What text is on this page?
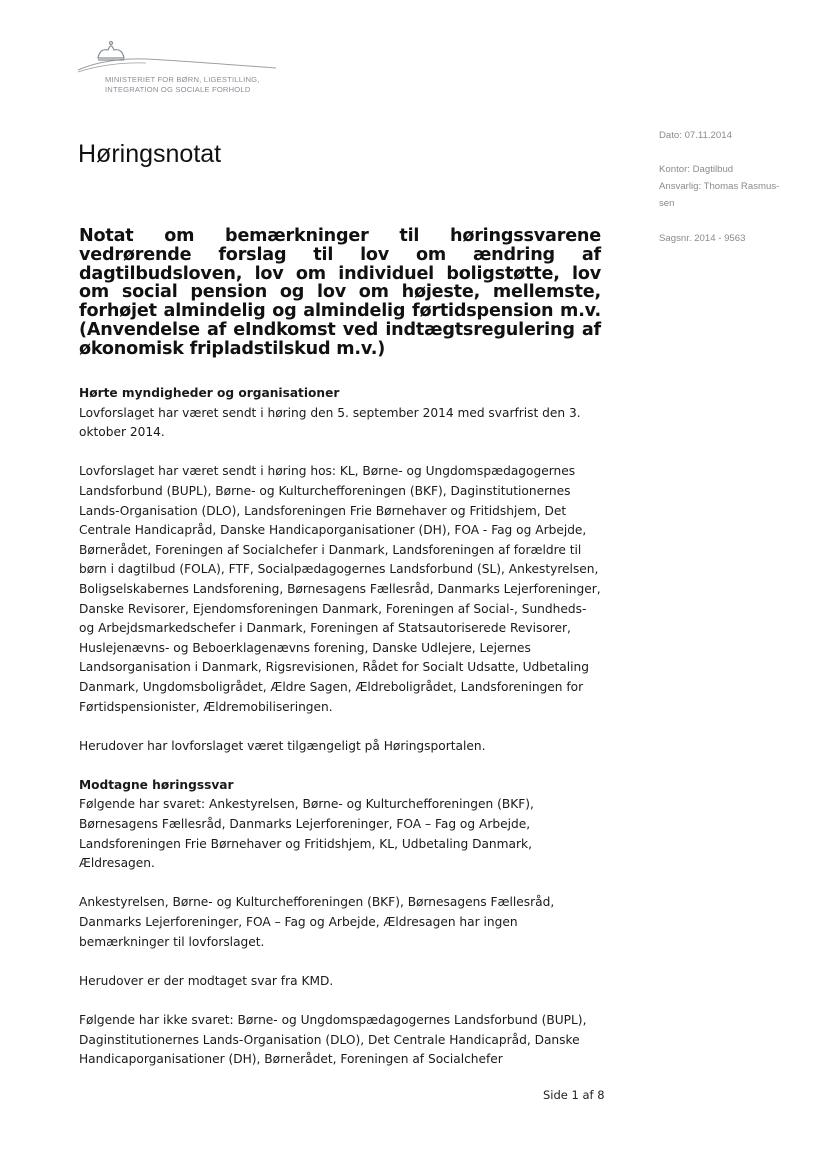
MINISTERIET FOR BØRN, LIGESTILLING,
INTEGRATION OG SOCIALE FORHOLD
Dato: 07.11.2014
Kontor: Dagtilbud
Ansvarlig: Thomas Rasmus-
sen
Sagsnr. 2014 - 9563
Høringsnotat
Notat om bemærkninger til høringssvarene vedrørende forslag til lov om ændring af dagtilbudsloven, lov om individuel boligstøtte, lov om social pension og lov om højeste, mellemste, forhøjet almindelig og almindelig førtidspension m.v. (Anvendelse af eIndkomst ved indtægtsregulering af økonomisk fripladstilskud m.v.)
Hørte myndigheder og organisationer

Lovforslaget har været sendt i høring den 5. september 2014 med svarfrist den 3. oktober 2014.

Lovforslaget har været sendt i høring hos: KL, Børne- og Ungdomspædagogernes Landsforbund (BUPL), Børne- og Kulturchefforeningen (BKF), Daginstitutionernes Lands-Organisation (DLO), Landsforeningen Frie Børnehaver og Fritidshjem, Det Centrale Handicapråd, Danske Handicaporganisationer (DH), FOA - Fag og Arbejde, Børnerådet, Foreningen af Socialchefer i Danmark, Landsforeningen af forældre til børn i dagtilbud (FOLA), FTF, Socialpædagogernes Landsforbund (SL), Ankestyrelsen, Boligselskabernes Landsforening, Børnesagens Fællesråd, Danmarks Lejerforeninger, Danske Revisorer, Ejendomsforeningen Danmark, Foreningen af Social-, Sundheds- og Arbejdsmarkedschefer i Danmark, Foreningen af Statsautoriserede Revisorer, Huslejenævns- og Beboerklagenævns forening, Danske Udlejere, Lejernes Landsorganisation i Danmark, Rigsrevisionen, Rådet for Socialt Udsatte, Udbetaling Danmark, Ungdomsboligrådet, Ældre Sagen, Ældreboligrådet, Landsforeningen for Førtidspensionister, Ældremobiliseringen.

Herudover har lovforslaget været tilgængeligt på Høringsportalen.

Modtagne høringssvar

Følgende har svaret: Ankestyrelsen, Børne- og Kulturchefforeningen (BKF), Børnesagens Fællesråd, Danmarks Lejerforeninger, FOA – Fag og Arbejde, Landsforeningen Frie Børnehaver og Fritidshjem, KL, Udbetaling Danmark, Ældresagen.

Ankestyrelsen, Børne- og Kulturchefforeningen (BKF), Børnesagens Fællesråd, Danmarks Lejerforeninger, FOA – Fag og Arbejde, Ældresagen har ingen bemærkninger til lovforslaget.

Herudover er der modtaget svar fra KMD.

Følgende har ikke svaret: Børne- og Ungdomspædagogernes Landsforbund (BUPL), Daginstitutionernes Lands-Organisation (DLO), Det Centrale Handicapråd, Danske Handicaporganisationer (DH), Børnerådet, Foreningen af Socialchefer

Side 1 af 8
